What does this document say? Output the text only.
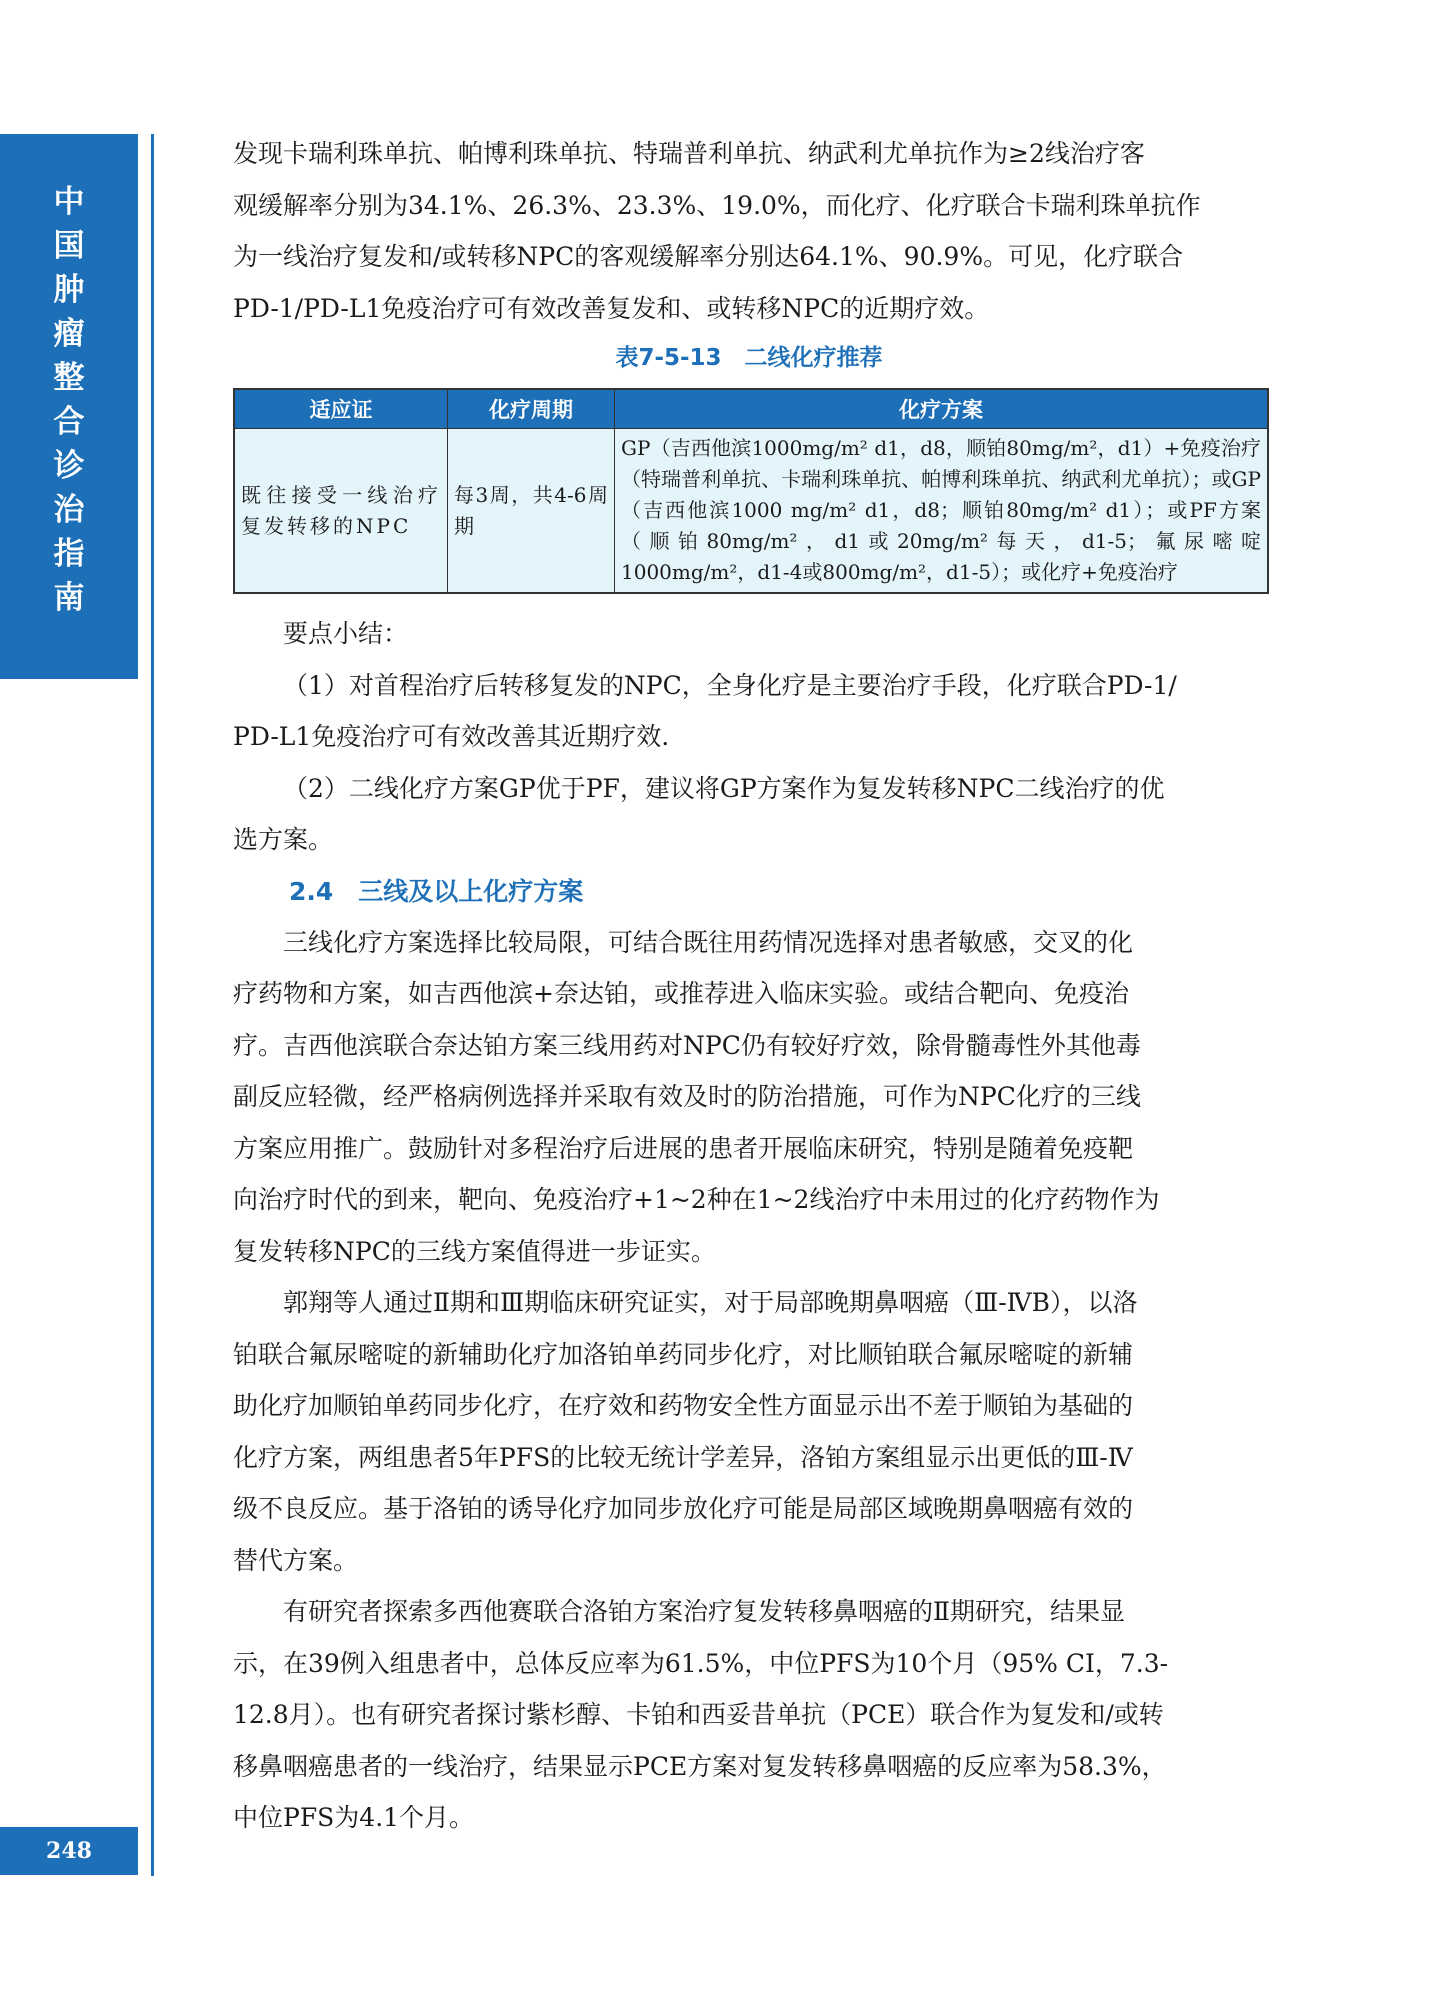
中
国
肿
瘤
整
合
诊
治
指
南
248

发现卡瑞利珠单抗、帕博利珠单抗、特瑞普利单抗、纳武利尤单抗作为≥2线治疗客

观缓解率分别为34.1%、26.3%、23.3%、19.0%，而化疗、化疗联合卡瑞利珠单抗作

为一线治疗复发和/或转移NPC的客观缓解率分别达64.1%、90.9%。可见，化疗联合

PD-1/PD-L1免疫治疗可有效改善复发和、或转移NPC的近期疗效。

表7-5-13　二线化疗推荐
适应证	化疗周期	化疗方案
既往接受一线治疗复发转移的NPC	每3周，共4-6周期	GP（吉西他滨1000mg/m² d1，d8，顺铂80mg/m²，d1）+免疫治疗（特瑞普利单抗、卡瑞利珠单抗、帕博利珠单抗、纳武利尤单抗）；或GP（吉西他滨1000 mg/m² d1，d8；顺铂80mg/m² d1）；或PF方案（顺铂80mg/m²，d1或20mg/m²每天，d1-5；氟尿嘧啶1000mg/m²，d1-4或800mg/m²，d1-5）；或化疗+免疫治疗

要点小结：

（1）对首程治疗后转移复发的NPC，全身化疗是主要治疗手段，化疗联合PD-1/

PD-L1免疫治疗可有效改善其近期疗效.

（2）二线化疗方案GP优于PF，建议将GP方案作为复发转移NPC二线治疗的优

选方案。

2.4　三线及以上化疗方案

三线化疗方案选择比较局限，可结合既往用药情况选择对患者敏感，交叉的化

疗药物和方案，如吉西他滨+奈达铂，或推荐进入临床实验。或结合靶向、免疫治

疗。吉西他滨联合奈达铂方案三线用药对NPC仍有较好疗效，除骨髓毒性外其他毒

副反应轻微，经严格病例选择并采取有效及时的防治措施，可作为NPC化疗的三线

方案应用推广。鼓励针对多程治疗后进展的患者开展临床研究，特别是随着免疫靶

向治疗时代的到来，靶向、免疫治疗+1~2种在1~2线治疗中未用过的化疗药物作为

复发转移NPC的三线方案值得进一步证实。

郭翔等人通过Ⅱ期和Ⅲ期临床研究证实，对于局部晚期鼻咽癌（Ⅲ-ⅣB），以洛

铂联合氟尿嘧啶的新辅助化疗加洛铂单药同步化疗，对比顺铂联合氟尿嘧啶的新辅

助化疗加顺铂单药同步化疗，在疗效和药物安全性方面显示出不差于顺铂为基础的

化疗方案，两组患者5年PFS的比较无统计学差异，洛铂方案组显示出更低的Ⅲ-Ⅳ

级不良反应。基于洛铂的诱导化疗加同步放化疗可能是局部区域晚期鼻咽癌有效的

替代方案。

有研究者探索多西他赛联合洛铂方案治疗复发转移鼻咽癌的Ⅱ期研究，结果显

示，在39例入组患者中，总体反应率为61.5%，中位PFS为10个月（95% CI，7.3-

12.8月）。也有研究者探讨紫杉醇、卡铂和西妥昔单抗（PCE）联合作为复发和/或转

移鼻咽癌患者的一线治疗，结果显示PCE方案对复发转移鼻咽癌的反应率为58.3%，

中位PFS为4.1个月。
